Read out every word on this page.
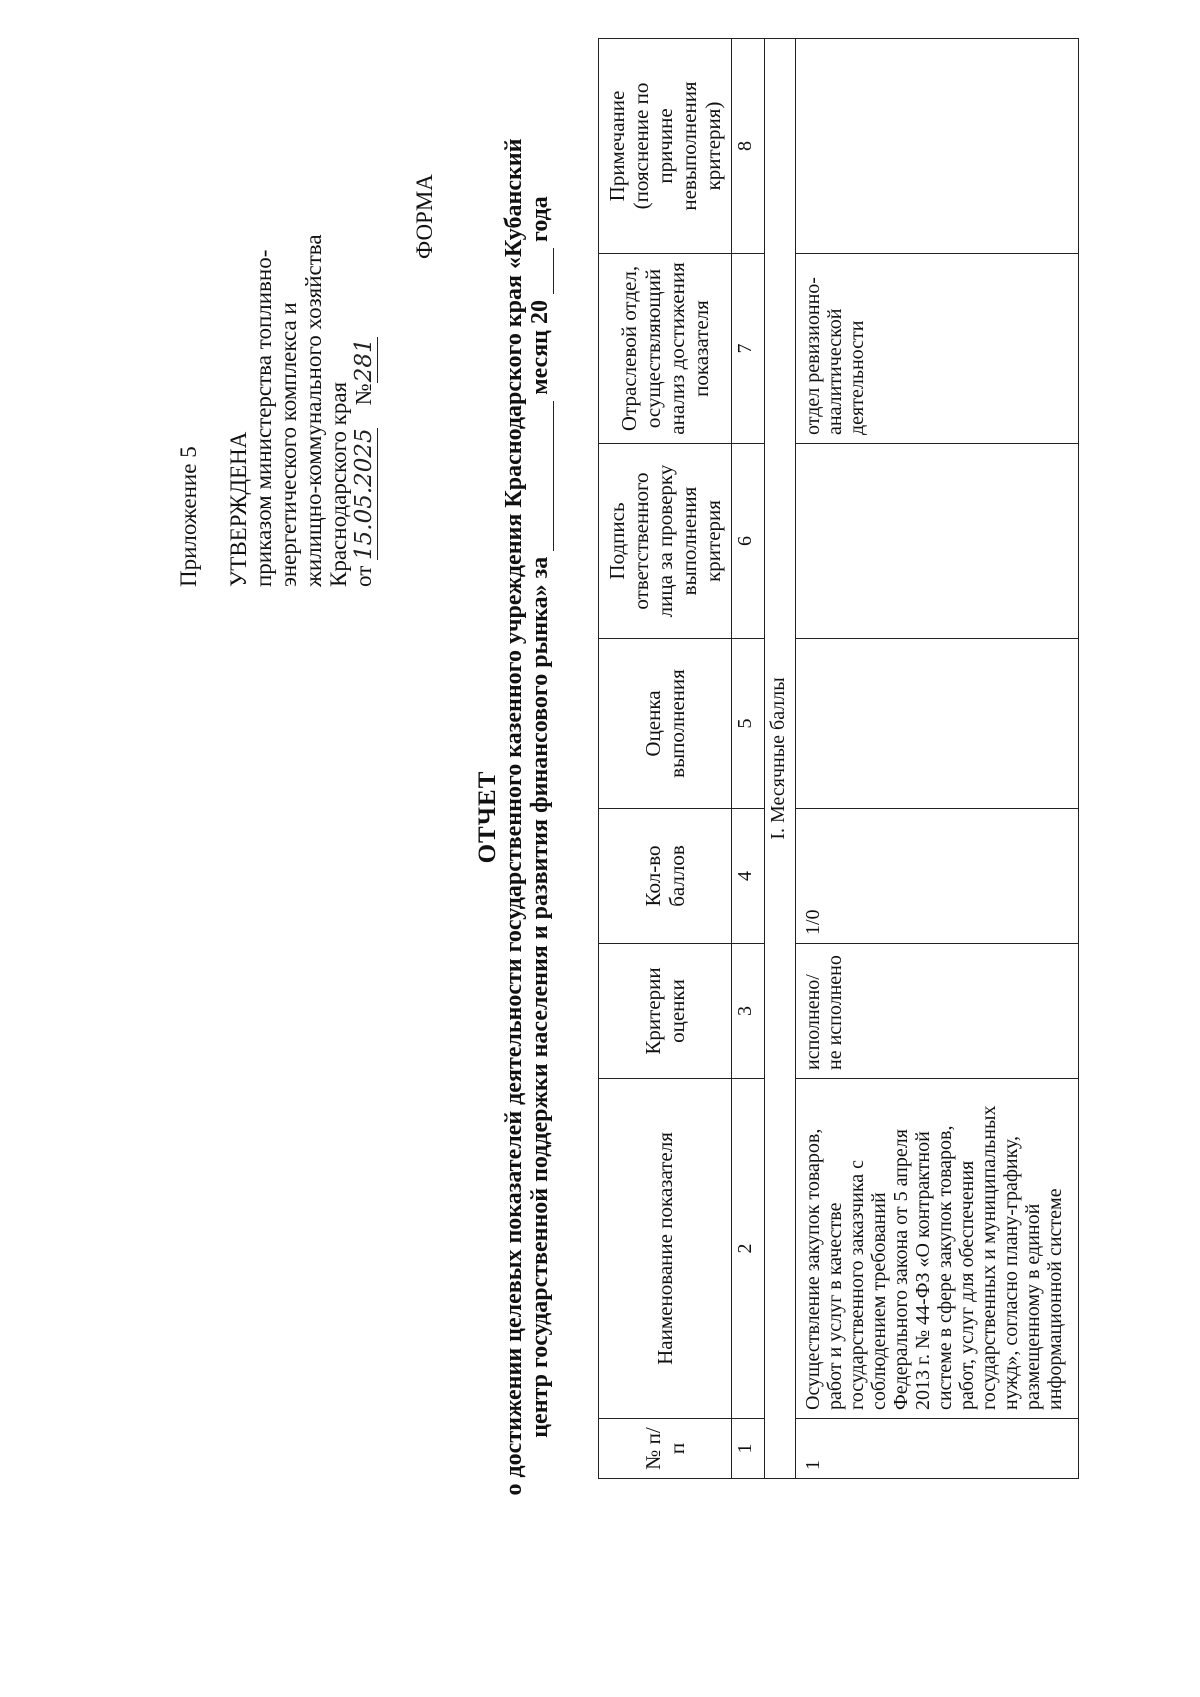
Приложение 5 УТВЕРЖДЕНА приказом министерства топливно- энергетического комплекса и жилищно-коммунального хозяйства Краснодарского края от 15.05.2025    №281
ФОРМА
ОТЧЕТ о достижении целевых показателей деятельности государственного казенного учреждения Краснодарского края «Кубанский центр государственной поддержки населения и развития финансового рынка» за   месяц 20   года
№ п/п	Наименование показателя	Критерии оценки	Кол-во баллов	Оценка выполнения	Подпись ответственного лица за проверку выполнения критерия	Отраслевой отдел, осуществляющий анализ достижения показателя	Примечание (пояснение по причине невыполнения критерия)
1	2	3	4	5	6	7	8
I. Месячные баллы							
1	Осуществление закупок товаров, работ и услуг в качестве государственного заказчика с соблюдением требований Федерального закона от 5 апреля 2013 г. № 44-ФЗ «О контрактной системе в сфере закупок товаров, работ, услуг для обеспечения государственных и муниципальных нужд», согласно плану-графику, размещенному в единой информационной системе	исполнено/ не исполнено	1/0			отдел ревизионно-аналитической деятельности	
